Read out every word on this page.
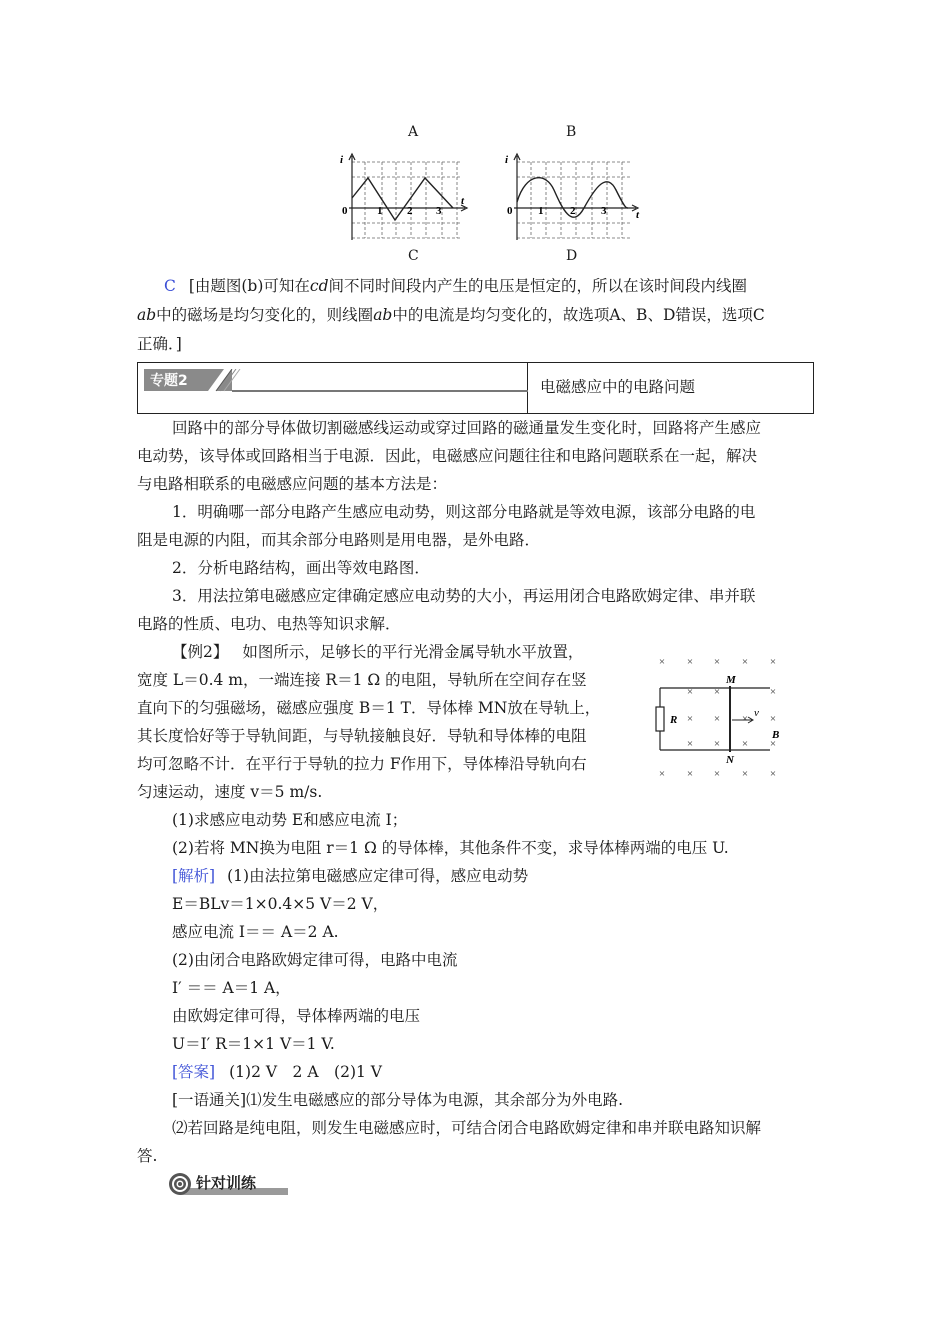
A	B
i
0	1 2 3
t
i
0 1 2 3	t
C	D
C [由题图(b)可知在cd间不同时间段内产生的电压是恒定的，所以在该时间段内线圈
ab中的磁场是均匀变化的，则线圈ab中的电流是均匀变化的，故选项A、B、D错误，选项C
正确．]
专题2	电磁感应中的电路问题
回路中的部分导体做切割磁感线运动或穿过回路的磁通量发生变化时，回路将产生感应
电动势，该导体或回路相当于电源．因此，电磁感应问题往往和电路问题联系在一起，解决
与电路相联系的电磁感应问题的基本方法是：
1．明确哪一部分电路产生感应电动势，则这部分电路就是等效电源，该部分电路的电
阻是电源的内阻，而其余部分电路则是用电器，是外电路．
2．分析电路结构，画出等效电路图．
3．用法拉第电磁感应定律确定感应电动势的大小，再运用闭合电路欧姆定律、串并联
电路的性质、电功、电热等知识求解．
【例2】 如图所示，足够长的平行光滑金属导轨水平放置，
宽度 L＝0.4 m，一端连接 R＝1 Ω 的电阻，导轨所在空间存在竖
直向下的匀强磁场，磁感应强度 B＝1 T．导体棒 MN放在导轨上，
其长度恰好等于导轨间距，与导轨接触良好．导轨和导体棒的电阻
均可忽略不计．在平行于导轨的拉力 F作用下，导体棒沿导轨向右
匀速运动，速度 v＝5 m/s.
(1)求感应电动势 E和感应电流 I；
(2)若将 MN换为电阻 r＝1 Ω 的导体棒，其他条件不变，求导体棒两端的电压 U.
× × × × ×
× ×	×
× × × ×
× × × ×
× × × × ×
M
N
R
v
B
[解析] (1)由法拉第电磁感应定律可得，感应电动势
E＝BLv＝1×0.4×5 V＝2 V，
感应电流 I＝＝ A＝2 A.
(2)由闭合电路欧姆定律可得，电路中电流
I′ ＝＝ A＝1 A，
由欧姆定律可得，导体棒两端的电压
U＝I′ R＝1×1 V＝1 V.
[答案] (1)2 V　2 A　(2)1 V
[一语通关]⑴发生电磁感应的部分导体为电源，其余部分为外电路.
⑵若回路是纯电阻，则发生电磁感应时，可结合闭合电路欧姆定律和串并联电路知识解
答.
针对训练
